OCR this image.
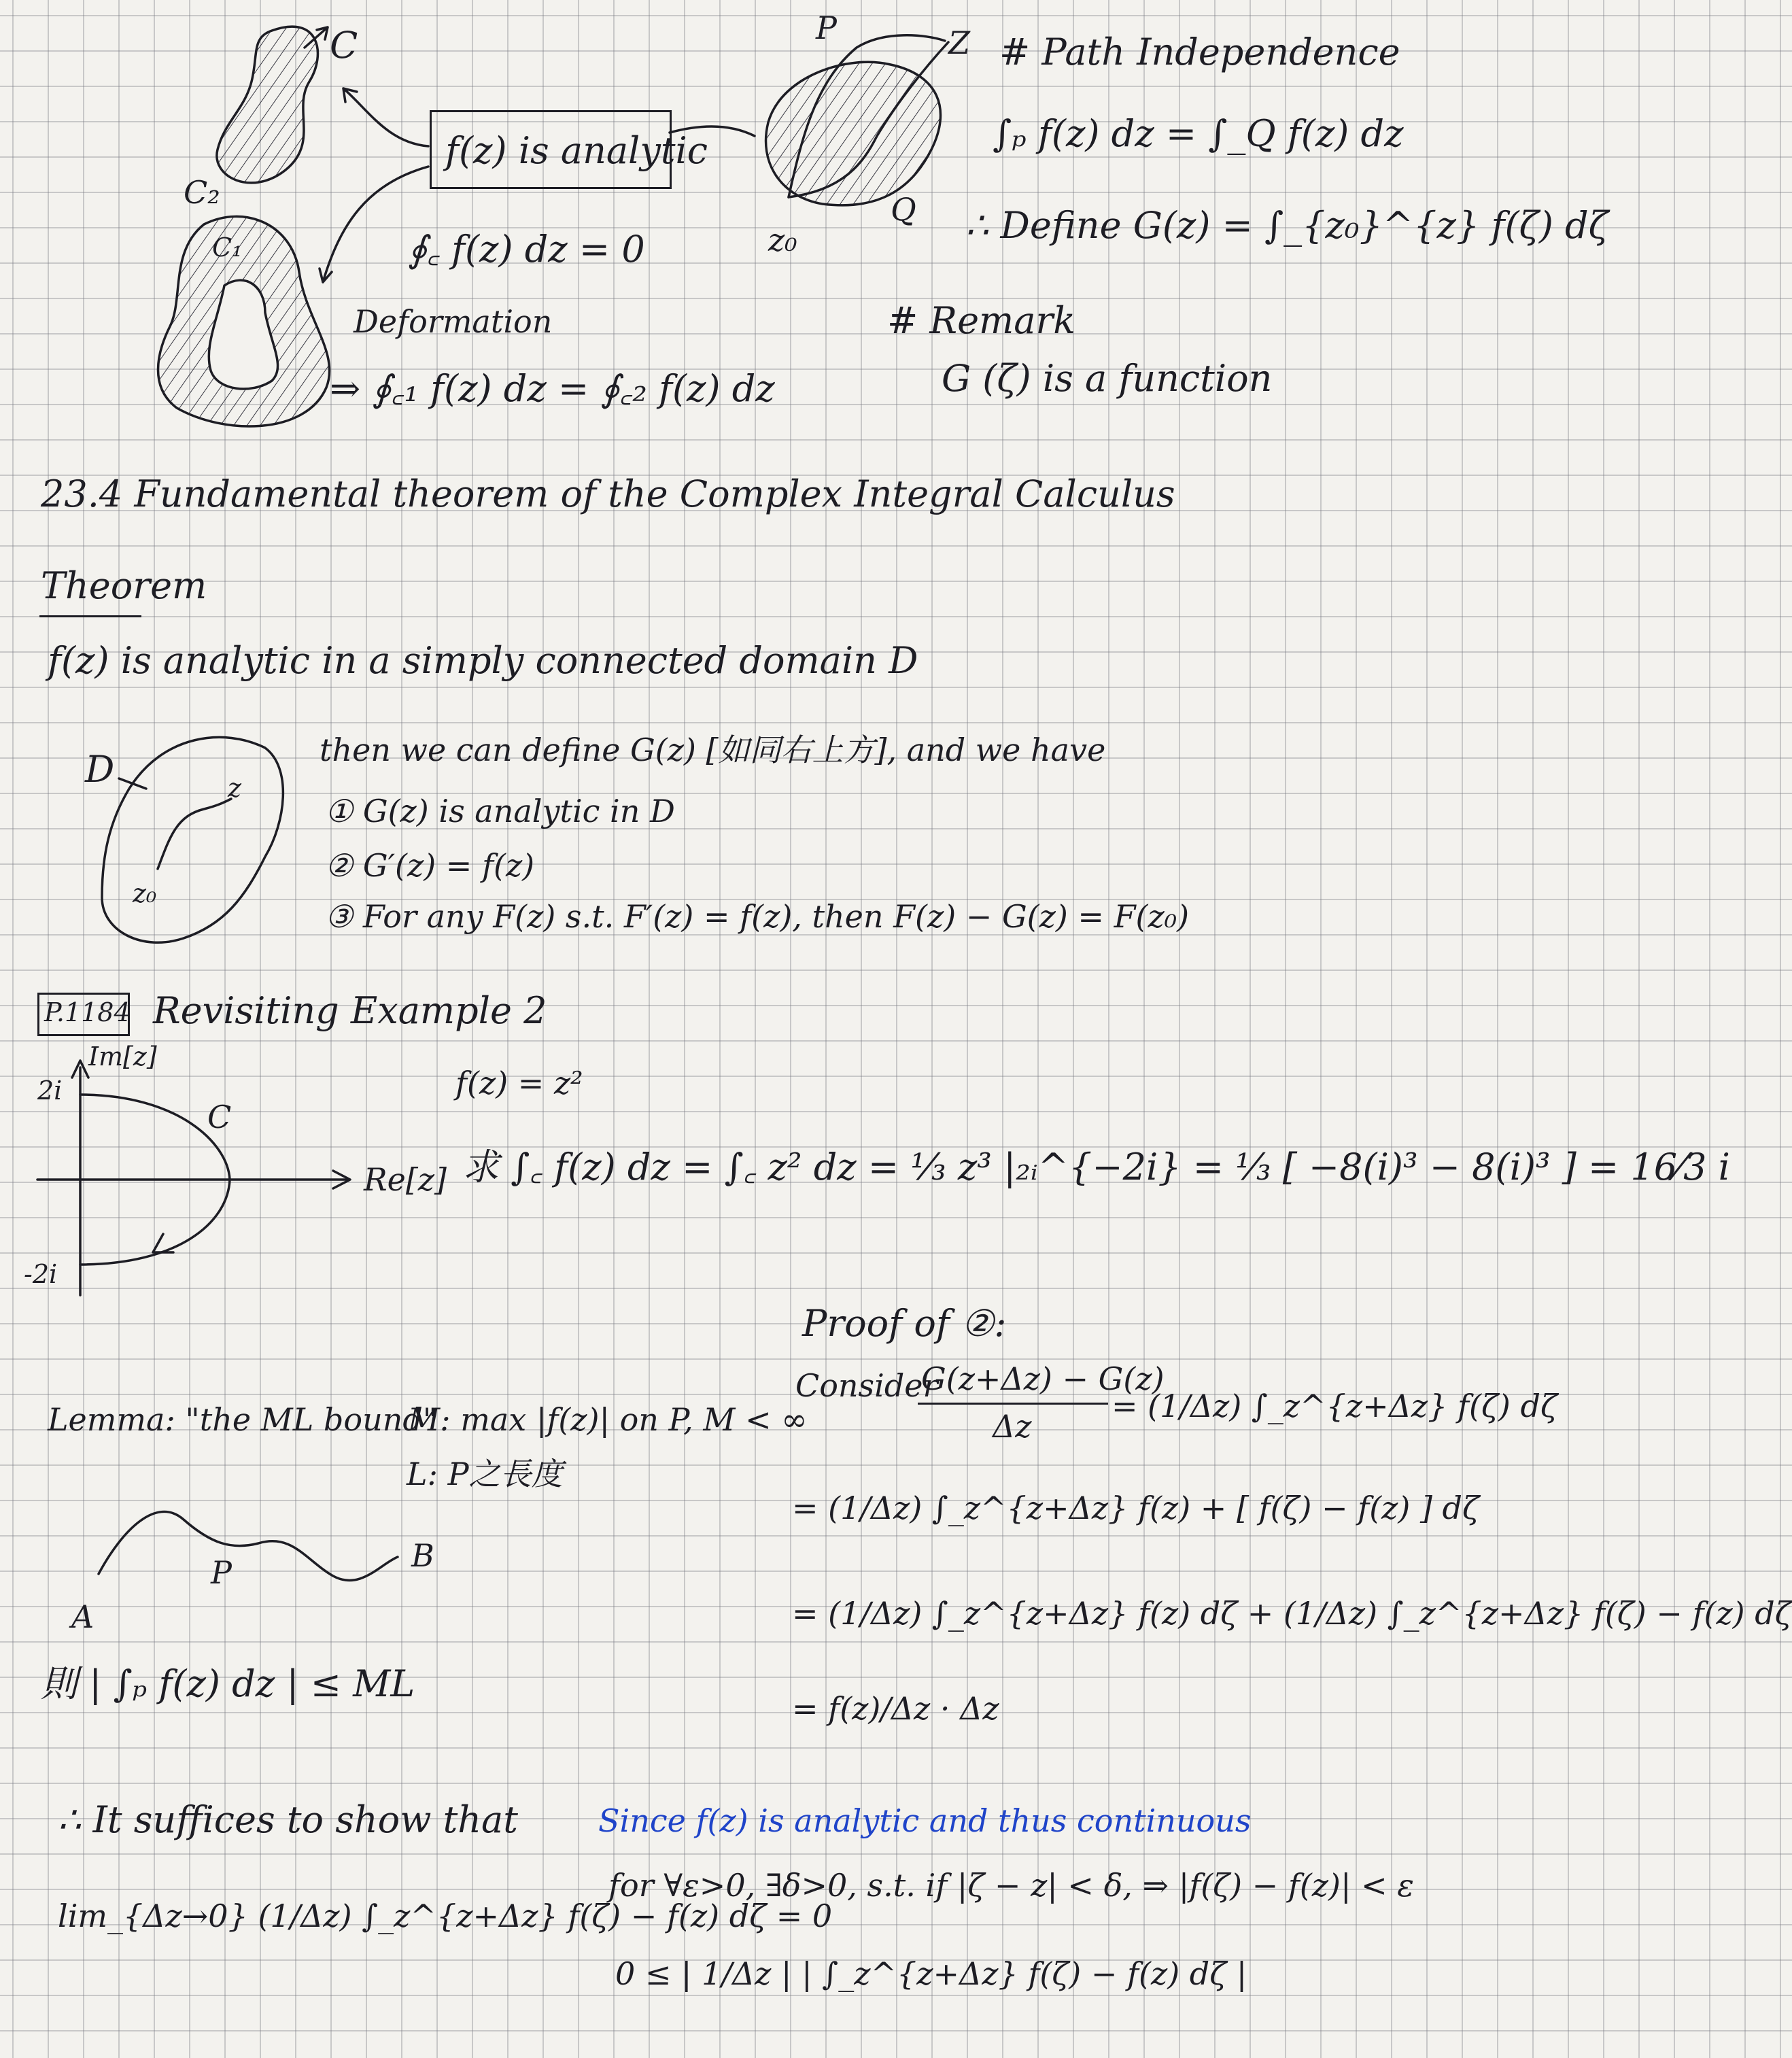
f(z) is analytic
C
C₂
C₁	∮꜀ f(z) dz = 0
Deformation
⇒ ∮꜀₁ f(z) dz = ∮꜀₂ f(z) dz
P	Z
Q
z₀
# Path Independence
∫ₚ f(z) dz = ∫_Q f(z) dz
∴ Define G(z) = ∫_{z₀}^{z} f(ζ) dζ
# Remark
G (ζ) is a function
23.4 Fundamental theorem of the Complex Integral Calculus
Theorem
f(z) is analytic in a simply connected domain D
D	z
z₀
then we can define G(z) [如同右上方], and we have
① G(z) is analytic in D
② G′(z) = f(z)
③ For any F(z) s.t. F′(z) = f(z), then F(z) − G(z) = F(z₀)
P.1184 Revisiting Example 2
Im[z]
2i
-2i
C
Re[z]
f(z) = z²
求 ∫꜀ f(z) dz = ∫꜀ z² dz = ⅓ z³ |₂ᵢ^{−2i} = ⅓ [ −8(i)³ − 8(i)³ ] = 16⁄3 i
Lemma: "the ML bound"
M: max |f(z)| on P, M < ∞
L: P之長度
A
B
P
則 | ∫ₚ f(z) dz | ≤ ML
Proof of ②:
Consider
G(z+Δz) − G(z)
Δz
= (1/Δz) ∫_z^{z+Δz} f(ζ) dζ
= (1/Δz) ∫_z^{z+Δz} f(z) + [ f(ζ) − f(z) ] dζ
= (1/Δz) ∫_z^{z+Δz} f(z) dζ + (1/Δz) ∫_z^{z+Δz} f(ζ) − f(z) dζ
= f(z)/Δz · Δz
∴ It suffices to show that
lim_{Δz→0} (1/Δz) ∫_z^{z+Δz} f(ζ) − f(z) dζ = 0
Since f(z) is analytic and thus continuous
for ∀ε>0, ∃δ>0, s.t. if |ζ − z| < δ, ⇒ |f(ζ) − f(z)| < ε
0 ≤ | 1/Δz | | ∫_z^{z+Δz} f(ζ) − f(z) dζ |
